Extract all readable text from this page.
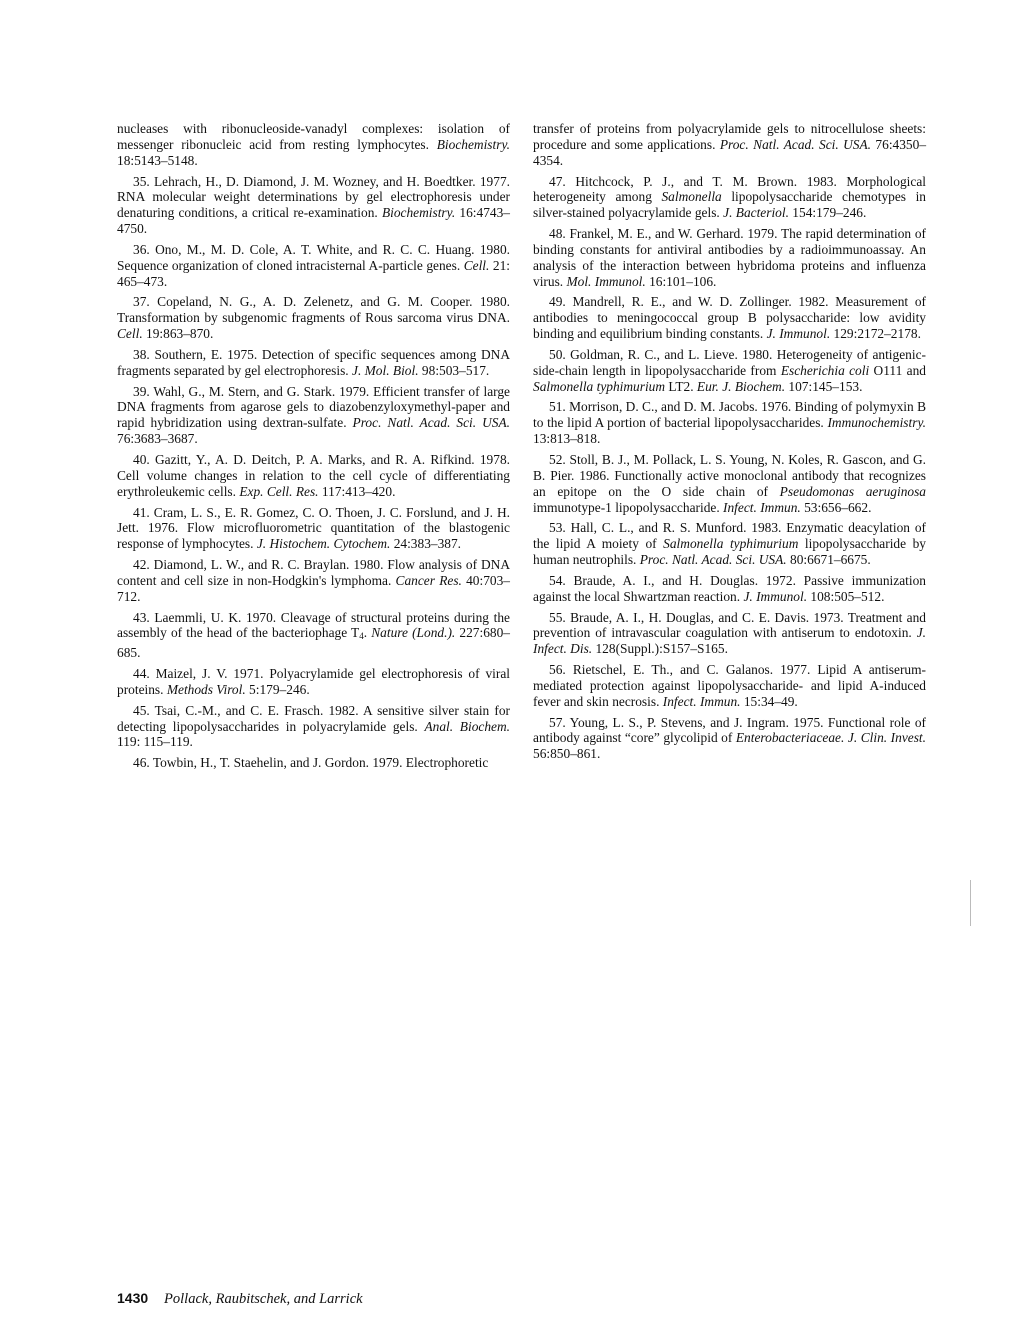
nucleases with ribonucleoside-vanadyl complexes: isolation of messenger ribonucleic acid from resting lymphocytes. Biochemistry. 18:5143–5148.

35. Lehrach, H., D. Diamond, J. M. Wozney, and H. Boedtker. 1977. RNA molecular weight determinations by gel electrophoresis under denaturing conditions, a critical re-examination. Biochemistry. 16:4743–4750.

36. Ono, M., M. D. Cole, A. T. White, and R. C. C. Huang. 1980. Sequence organization of cloned intracisternal A-particle genes. Cell. 21: 465–473.

37. Copeland, N. G., A. D. Zelenetz, and G. M. Cooper. 1980. Transformation by subgenomic fragments of Rous sarcoma virus DNA. Cell. 19:863–870.

38. Southern, E. 1975. Detection of specific sequences among DNA fragments separated by gel electrophoresis. J. Mol. Biol. 98:503–517.

39. Wahl, G., M. Stern, and G. Stark. 1979. Efficient transfer of large DNA fragments from agarose gels to diazobenzyloxymethyl-paper and rapid hybridization using dextran-sulfate. Proc. Natl. Acad. Sci. USA. 76:3683–3687.

40. Gazitt, Y., A. D. Deitch, P. A. Marks, and R. A. Rifkind. 1978. Cell volume changes in relation to the cell cycle of differentiating erythroleukemic cells. Exp. Cell. Res. 117:413–420.

41. Cram, L. S., E. R. Gomez, C. O. Thoen, J. C. Forslund, and J. H. Jett. 1976. Flow microfluorometric quantitation of the blastogenic response of lymphocytes. J. Histochem. Cytochem. 24:383–387.

42. Diamond, L. W., and R. C. Braylan. 1980. Flow analysis of DNA content and cell size in non-Hodgkin's lymphoma. Cancer Res. 40:703–712.

43. Laemmli, U. K. 1970. Cleavage of structural proteins during the assembly of the head of the bacteriophage $T_4$. Nature (Lond.). 227:680–685.

44. Maizel, J. V. 1971. Polyacrylamide gel electrophoresis of viral proteins. Methods Virol. 5:179–246.

45. Tsai, C.-M., and C. E. Frasch. 1982. A sensitive silver stain for detecting lipopolysaccharides in polyacrylamide gels. Anal. Biochem. 119: 115–119.

46. Towbin, H., T. Staehelin, and J. Gordon. 1979. Electrophoretic

transfer of proteins from polyacrylamide gels to nitrocellulose sheets: procedure and some applications. Proc. Natl. Acad. Sci. USA. 76:4350–4354.

47. Hitchcock, P. J., and T. M. Brown. 1983. Morphological heterogeneity among Salmonella lipopolysaccharide chemotypes in silver-stained polyacrylamide gels. J. Bacteriol. 154:179–246.

48. Frankel, M. E., and W. Gerhard. 1979. The rapid determination of binding constants for antiviral antibodies by a radioimmunoassay. An analysis of the interaction between hybridoma proteins and influenza virus. Mol. Immunol. 16:101–106.

49. Mandrell, R. E., and W. D. Zollinger. 1982. Measurement of antibodies to meningococcal group B polysaccharide: low avidity binding and equilibrium binding constants. J. Immunol. 129:2172–2178.

50. Goldman, R. C., and L. Lieve. 1980. Heterogeneity of antigenic-side-chain length in lipopolysaccharide from Escherichia coli O111 and Salmonella typhimurium LT2. Eur. J. Biochem. 107:145–153.

51. Morrison, D. C., and D. M. Jacobs. 1976. Binding of polymyxin B to the lipid A portion of bacterial lipopolysaccharides. Immunochemistry. 13:813–818.

52. Stoll, B. J., M. Pollack, L. S. Young, N. Koles, R. Gascon, and G. B. Pier. 1986. Functionally active monoclonal antibody that recognizes an epitope on the O side chain of Pseudomonas aeruginosa immunotype-1 lipopolysaccharide. Infect. Immun. 53:656–662.

53. Hall, C. L., and R. S. Munford. 1983. Enzymatic deacylation of the lipid A moiety of Salmonella typhimurium lipopolysaccharide by human neutrophils. Proc. Natl. Acad. Sci. USA. 80:6671–6675.

54. Braude, A. I., and H. Douglas. 1972. Passive immunization against the local Shwartzman reaction. J. Immunol. 108:505–512.

55. Braude, A. I., H. Douglas, and C. E. Davis. 1973. Treatment and prevention of intravascular coagulation with antiserum to endotoxin. J. Infect. Dis. 128(Suppl.):S157–S165.

56. Rietschel, E. Th., and C. Galanos. 1977. Lipid A antiserum-mediated protection against lipopolysaccharide- and lipid A-induced fever and skin necrosis. Infect. Immun. 15:34–49.

57. Young, L. S., P. Stevens, and J. Ingram. 1975. Functional role of antibody against “core” glycolipid of Enterobacteriaceae. J. Clin. Invest. 56:850–861.

1430 Pollack, Raubitschek, and Larrick
